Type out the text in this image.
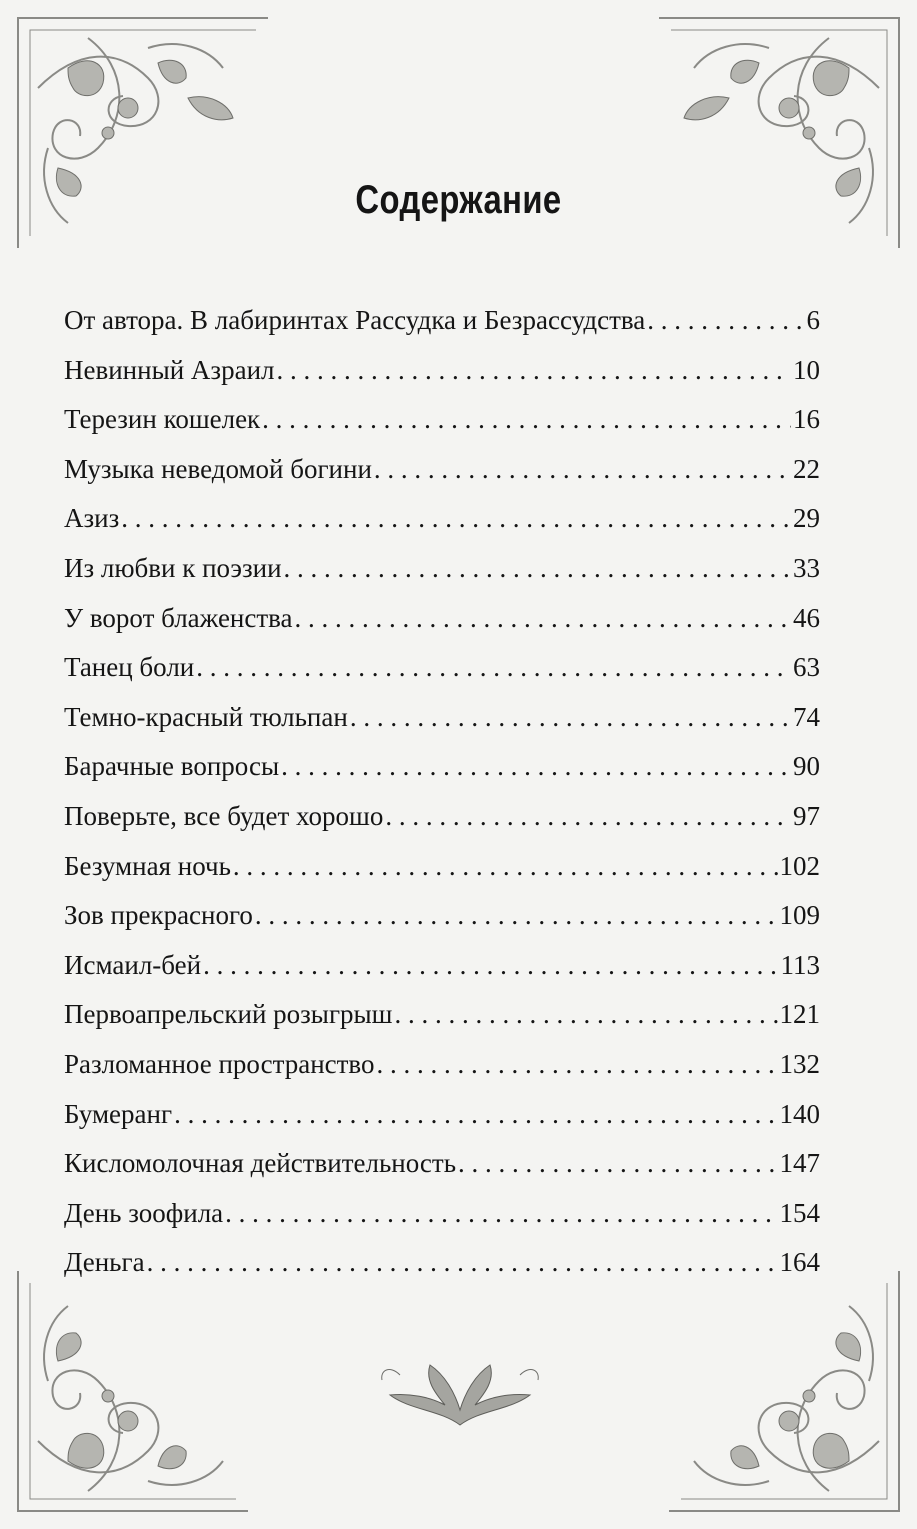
Содержание
От автора. В лабиринтах Рассудка и Безрассудства . . .	6
Невинный Азраил . . .	10
Терезин кошелек . . .	16
Музыка неведомой богини . . .	22
Азиз . . .	29
Из любви к поэзии . . .	33
У ворот блаженства . . .	46
Танец боли . . .	63
Темно-красный тюльпан . . .	74
Барачные вопросы . . .	90
Поверьте, все будет хорошо . . .	97
Безумная ночь . . .	102
Зов прекрасного . . .	109
Исмаил-бей . . .	113
Первоапрельский розыгрыш . . .	121
Разломанное пространство . . .	132
Бумеранг . . .	140
Кисломолочная действительность . . .	147
День зоофила . . .	154
Деньга . . .	164
